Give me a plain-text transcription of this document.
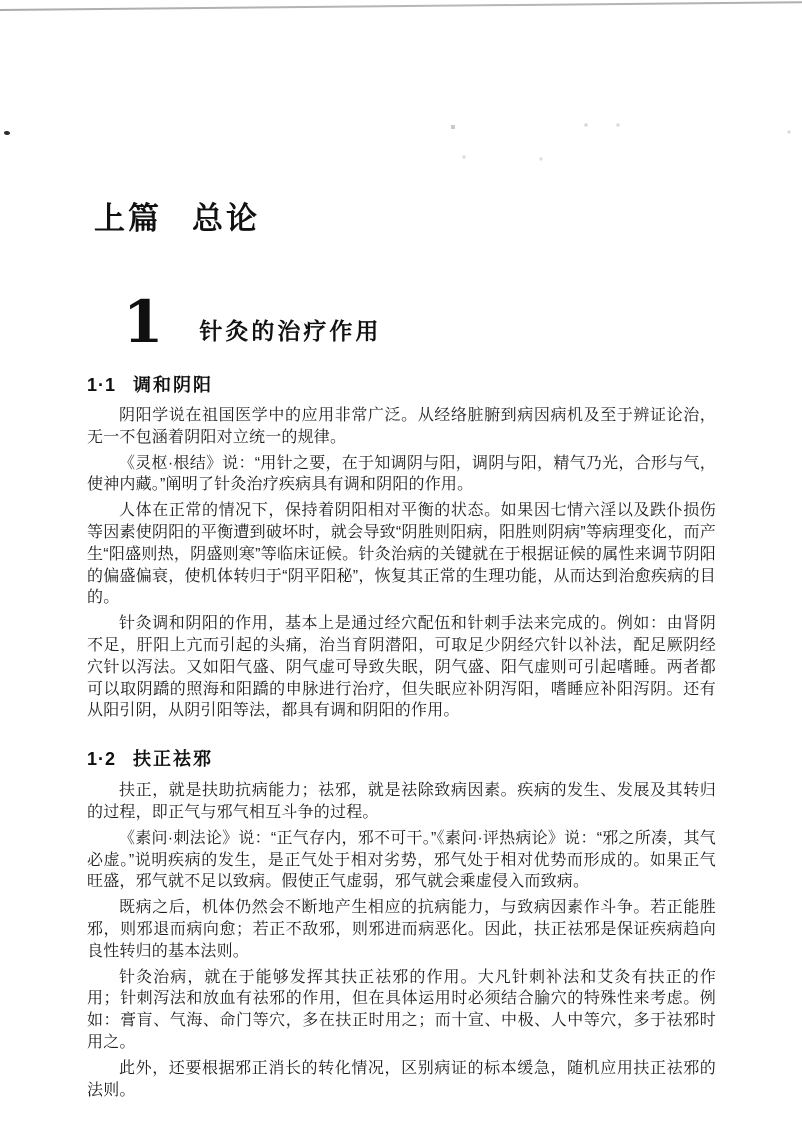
上篇 总论
1 针灸的治疗作用
1·1 调和阴阳

阴阳学说在祖国医学中的应用非常广泛。从经络脏腑到病因病机及至于辨证论治，无一不包涵着阴阳对立统一的规律。

《灵枢·根结》说：“用针之要，在于知调阴与阳，调阴与阳，精气乃光，合形与气，使神内藏。”阐明了针灸治疗疾病具有调和阴阳的作用。

人体在正常的情况下，保持着阴阳相对平衡的状态。如果因七情六淫以及跌仆损伤等因素使阴阳的平衡遭到破坏时，就会导致“阴胜则阳病，阳胜则阴病”等病理变化，而产生“阳盛则热，阴盛则寒”等临床证候。针灸治病的关键就在于根据证候的属性来调节阴阳的偏盛偏衰，使机体转归于“阴平阳秘”，恢复其正常的生理功能，从而达到治愈疾病的目的。

针灸调和阴阳的作用，基本上是通过经穴配伍和针刺手法来完成的。例如：由肾阴不足，肝阳上亢而引起的头痛，治当育阴潜阳，可取足少阴经穴针以补法，配足厥阴经穴针以泻法。又如阳气盛、阴气虚可导致失眠，阴气盛、阳气虚则可引起嗜睡。两者都可以取阴蹻的照海和阳蹻的申脉进行治疗，但失眠应补阴泻阳，嗜睡应补阳泻阴。还有从阳引阴，从阴引阳等法，都具有调和阴阳的作用。

1·2 扶正祛邪

扶正，就是扶助抗病能力；祛邪，就是祛除致病因素。疾病的发生、发展及其转归的过程，即正气与邪气相互斗争的过程。

《素问·刺法论》说：“正气存内，邪不可干。”《素问·评热病论》说：“邪之所凑，其气必虚。”说明疾病的发生，是正气处于相对劣势，邪气处于相对优势而形成的。如果正气旺盛，邪气就不足以致病。假使正气虚弱，邪气就会乘虚侵入而致病。

既病之后，机体仍然会不断地产生相应的抗病能力，与致病因素作斗争。若正能胜邪，则邪退而病向愈；若正不敌邪，则邪进而病恶化。因此，扶正祛邪是保证疾病趋向良性转归的基本法则。

针灸治病，就在于能够发挥其扶正祛邪的作用。大凡针刺补法和艾灸有扶正的作用；针刺泻法和放血有祛邪的作用，但在具体运用时必须结合腧穴的特殊性来考虑。例如：膏肓、气海、命门等穴，多在扶正时用之；而十宣、中极、人中等穴，多于祛邪时用之。

此外，还要根据邪正消长的转化情况，区别病证的标本缓急，随机应用扶正祛邪的法则。
